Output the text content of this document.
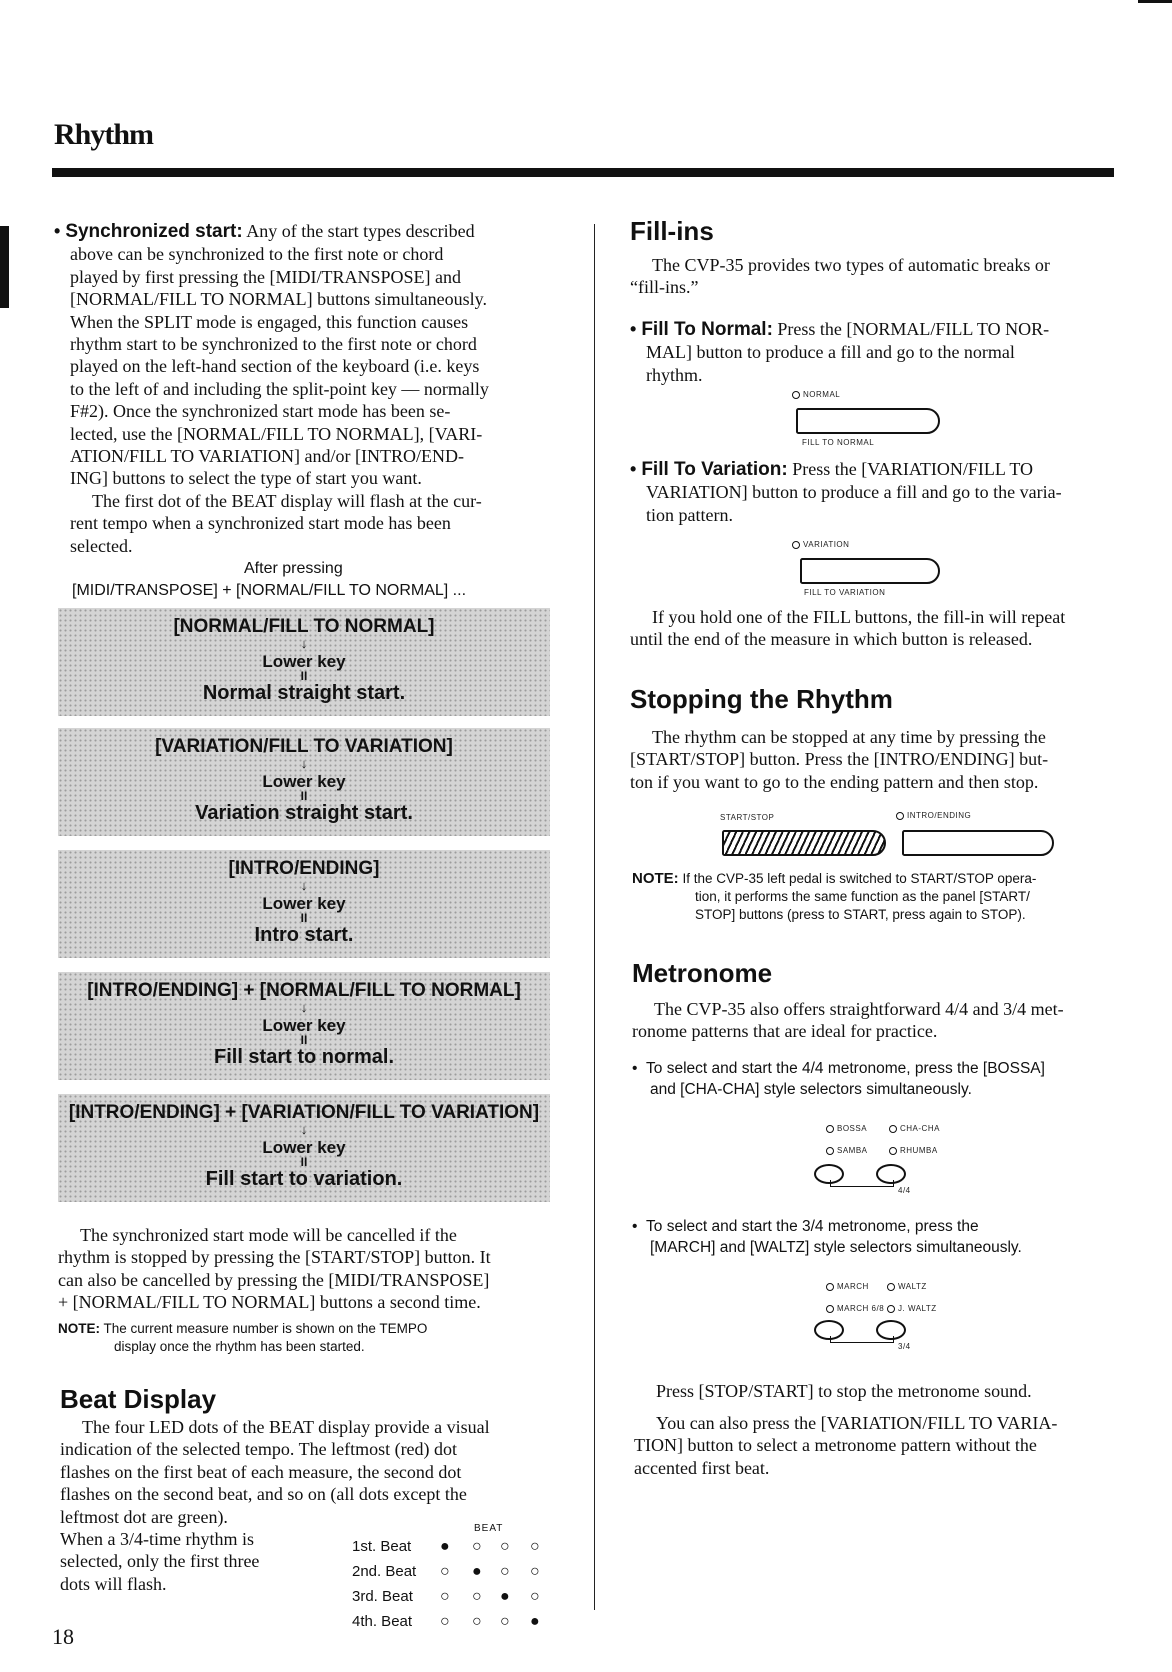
Rhythm
• Synchronized start: Any of the start types described
above can be synchronized to the first note or chord
played by first pressing the [MIDI/TRANSPOSE] and
[NORMAL/FILL TO NORMAL] buttons simultaneously.
When the SPLIT mode is engaged, this function causes
rhythm start to be synchronized to the first note or chord
played on the left-hand section of the keyboard (i.e. keys
to the left of and including the split-point key — normally
F#2). Once the synchronized start mode has been se-
lected, use the [NORMAL/FILL TO NORMAL], [VARI-
ATION/FILL TO VARIATION] and/or [INTRO/END-
ING] buttons to select the type of start you want.
The first dot of the BEAT display will flash at the cur-
rent tempo when a synchronized start mode has been
selected.
After pressing
[MIDI/TRANSPOSE] + [NORMAL/FILL TO NORMAL] ...
[NORMAL/FILL TO NORMAL]
↓
Lower key
II
Normal straight start.
[VARIATION/FILL TO VARIATION]
↓
Lower key
II
Variation straight start.
[INTRO/ENDING]
↓
Lower key
II
Intro start.
[INTRO/ENDING] + [NORMAL/FILL TO NORMAL]
↓
Lower key
II
Fill start to normal.
[INTRO/ENDING] + [VARIATION/FILL TO VARIATION]
↓
Lower key
II
Fill start to variation.
The synchronized start mode will be cancelled if the
rhythm is stopped by pressing the [START/STOP] button. It
can also be cancelled by pressing the [MIDI/TRANSPOSE]
+ [NORMAL/FILL TO NORMAL] buttons a second time.
NOTE: The current measure number is shown on the TEMPO
display once the rhythm has been started.
Beat Display
The four LED dots of the BEAT display provide a visual
indication of the selected tempo. The leftmost (red) dot
flashes on the first beat of each measure, the second dot
flashes on the second beat, and so on (all dots except the
leftmost dot are green).
When a 3/4-time rhythm is
selected, only the first three
dots will flash.
BEAT
1st. Beat ● ○ ○ ○
2nd. Beat ○ ● ○ ○
3rd. Beat ○ ○ ● ○
4th. Beat ○ ○ ○ ●
18
Fill-ins
The CVP-35 provides two types of automatic breaks or
“fill-ins.”
• Fill To Normal: Press the [NORMAL/FILL TO NOR-
MAL] button to produce a fill and go to the normal
rhythm.
NORMAL
FILL TO NORMAL
• Fill To Variation: Press the [VARIATION/FILL TO
VARIATION] button to produce a fill and go to the varia-
tion pattern.
VARIATION
FILL TO VARIATION
If you hold one of the FILL buttons, the fill-in will repeat
until the end of the measure in which button is released.
Stopping the Rhythm
The rhythm can be stopped at any time by pressing the
[START/STOP] button. Press the [INTRO/ENDING] but-
ton if you want to go to the ending pattern and then stop.
START/STOP	INTRO/ENDING
NOTE: If the CVP-35 left pedal is switched to START/STOP opera-
tion, it performs the same function as the panel [START/
STOP] buttons (press to START, press again to STOP).
Metronome
The CVP-35 also offers straightforward 4/4 and 3/4 met-
ronome patterns that are ideal for practice.
•  To select and start the 4/4 metronome, press the [BOSSA]
and [CHA-CHA] style selectors simultaneously.
BOSSA	CHA-CHA
SAMBA	RHUMBA
4/4
•  To select and start the 3/4 metronome, press the
[MARCH] and [WALTZ] style selectors simultaneously.
MARCH	WALTZ
MARCH 6/8 J. WALTZ
3/4
Press [STOP/START] to stop the metronome sound.
You can also press the [VARIATION/FILL TO VARIA-
TION] button to select a metronome pattern without the
accented first beat.
